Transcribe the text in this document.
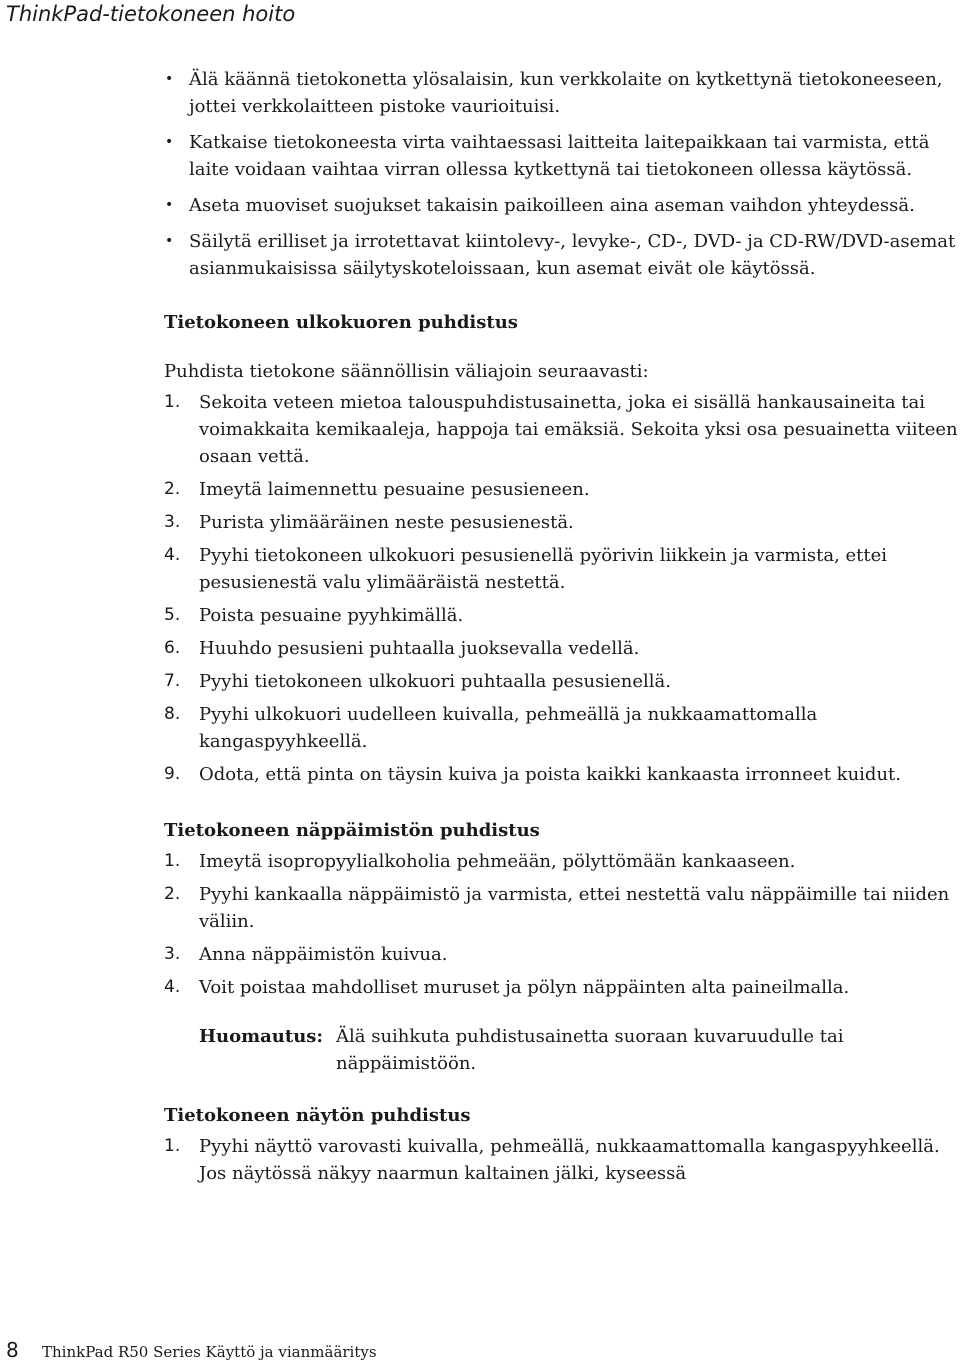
ThinkPad-tietokoneen hoito
• Älä käännä tietokonetta ylösalaisin, kun verkkolaite on kytkettynä tietokoneeseen, jottei verkkolaitteen pistoke vaurioituisi.
• Katkaise tietokoneesta virta vaihtaessasi laitteita laitepaikkaan tai varmista, että laite voidaan vaihtaa virran ollessa kytkettynä tai tietokoneen ollessa käytössä.
• Aseta muoviset suojukset takaisin paikoilleen aina aseman vaihdon yhteydessä.
• Säilytä erilliset ja irrotettavat kiintolevy-, levyke-, CD-, DVD- ja CD-RW/DVD-asemat asianmukaisissa säilytyskoteloissaan, kun asemat eivät ole käytössä.
Tietokoneen ulkokuoren puhdistus

Puhdista tietokone säännöllisin väliajoin seuraavasti:

1. Sekoita veteen mietoa talouspuhdistusainetta, joka ei sisällä hankausaineita tai voimakkaita kemikaaleja, happoja tai emäksiä. Sekoita yksi osa pesuainetta viiteen osaan vettä.
2. Imeytä laimennettu pesuaine pesusieneen.
3. Purista ylimääräinen neste pesusienestä.
4. Pyyhi tietokoneen ulkokuori pesusienellä pyörivin liikkein ja varmista, ettei pesusienestä valu ylimääräistä nestettä.
5. Poista pesuaine pyyhkimällä.
6. Huuhdo pesusieni puhtaalla juoksevalla vedellä.
7. Pyyhi tietokoneen ulkokuori puhtaalla pesusienellä.
8. Pyyhi ulkokuori uudelleen kuivalla, pehmeällä ja nukkaamattomalla kangaspyyhkeellä.
9. Odota, että pinta on täysin kuiva ja poista kaikki kankaasta irronneet kuidut.
Tietokoneen näppäimistön puhdistus
1. Imeytä isopropyylialkoholia pehmeään, pölyttömään kankaaseen.
2. Pyyhi kankaalla näppäimistö ja varmista, ettei nestettä valu näppäimille tai niiden väliin.
3. Anna näppäimistön kuivua.
4. Voit poistaa mahdolliset muruset ja pölyn näppäinten alta paineilmalla.
Huomautus: Älä suihkuta puhdistusainetta suoraan kuvaruudulle tai näppäimistöön.
Tietokoneen näytön puhdistus
1. Pyyhi näyttö varovasti kuivalla, pehmeällä, nukkaamattomalla kangaspyyhkeellä. Jos näytössä näkyy naarmun kaltainen jälki, kyseessä
8 ThinkPad R50 Series Käyttö ja vianmääritys
